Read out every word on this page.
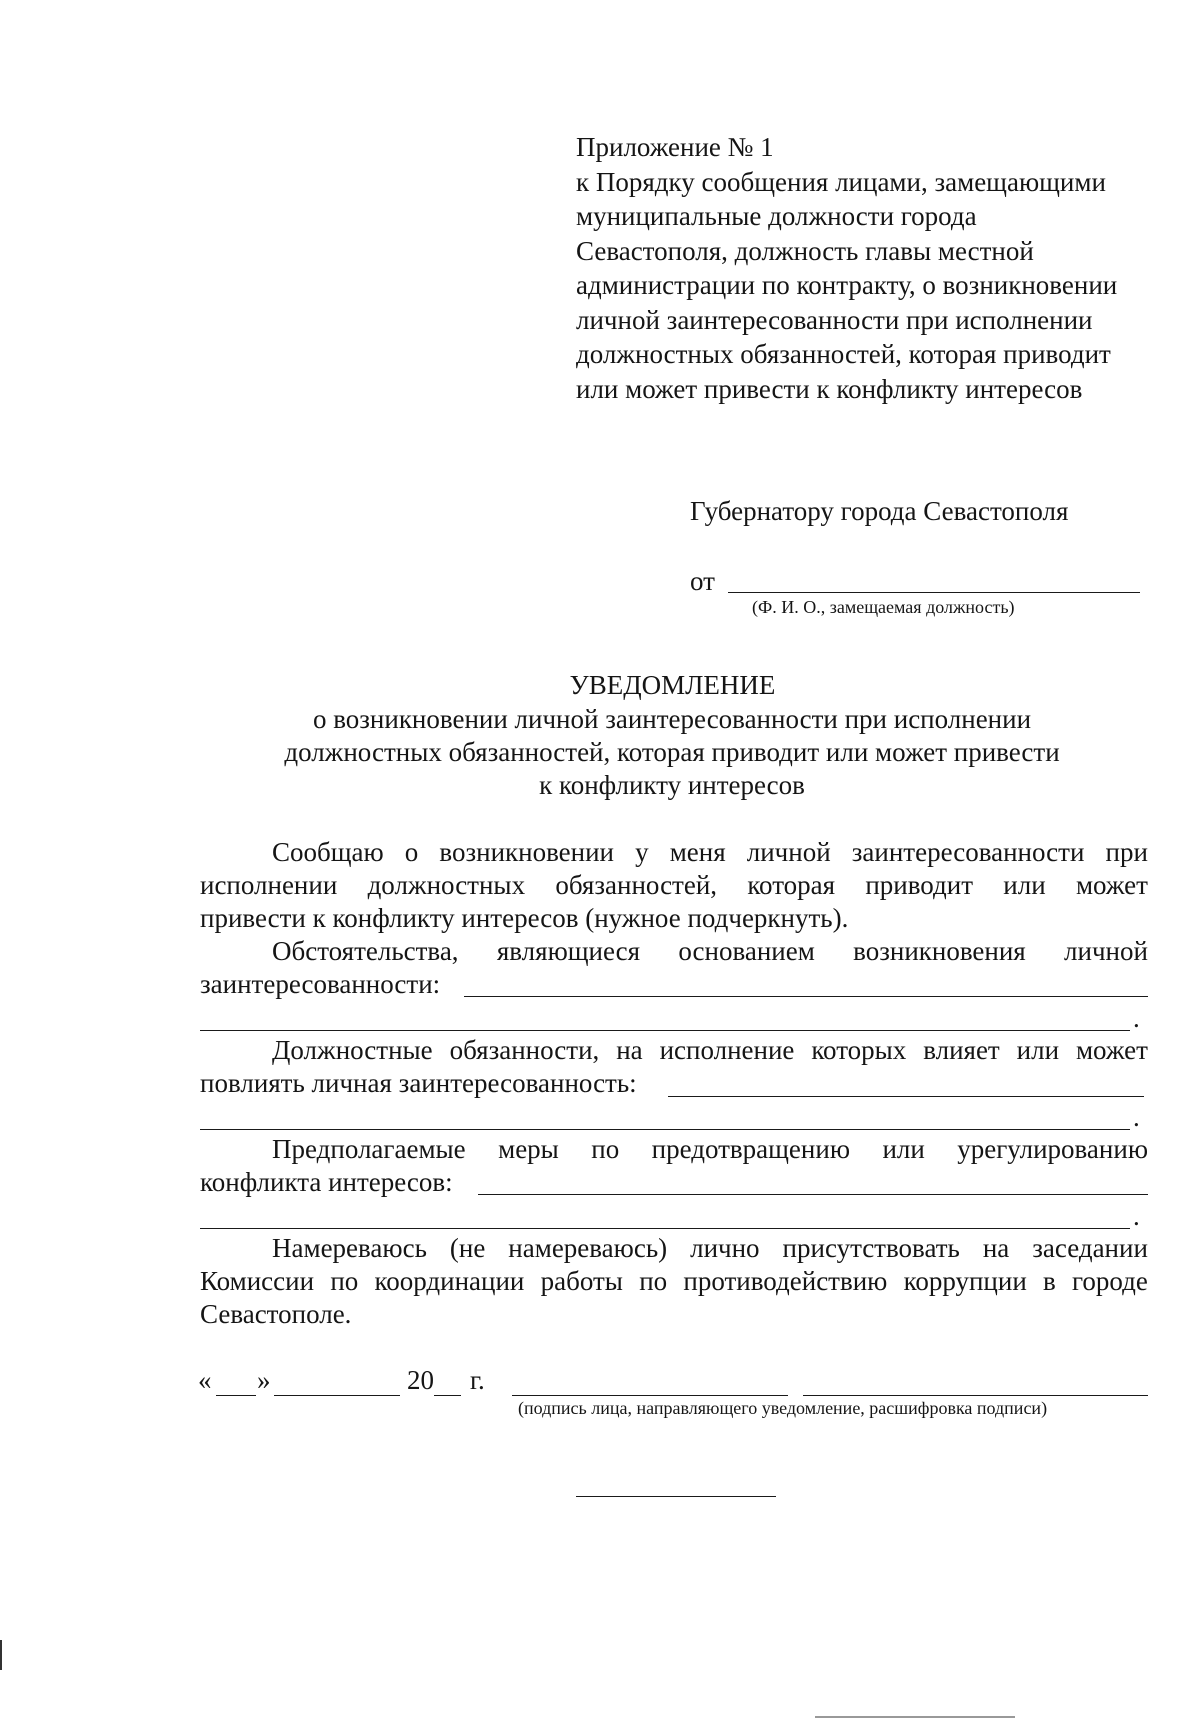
Приложение № 1
к Порядку сообщения лицами, замещающими
муниципальные должности города
Севастополя, должность главы местной
администрации по контракту, о возникновении
личной заинтересованности при исполнении
должностных обязанностей, которая приводит
или может привести к конфликту интересов
Губернатору города Севастополя
от
(Ф. И. О., замещаемая должность)
УВЕДОМЛЕНИЕ
о возникновении личной заинтересованности при исполнении
должностных обязанностей, которая приводит или может привести
к конфликту интересов
Сообщаю о возникновении у меня личной заинтересованности при
исполнении должностных обязанностей, которая приводит или может
привести к конфликту интересов (нужное подчеркнуть).
Обстоятельства, являющиеся основанием возникновения личной
заинтересованности:
.
Должностные обязанности, на исполнение которых влияет или может
повлиять личная заинтересованность:
.
Предполагаемые меры по предотвращению или урегулированию
конфликта интересов:
.
Намереваюсь (не намереваюсь) лично присутствовать на заседании
Комиссии по координации работы по противодействию коррупции в городе
Севастополе.
« »	20 г.
(подпись лица, направляющего уведомление, расшифровка подписи)
